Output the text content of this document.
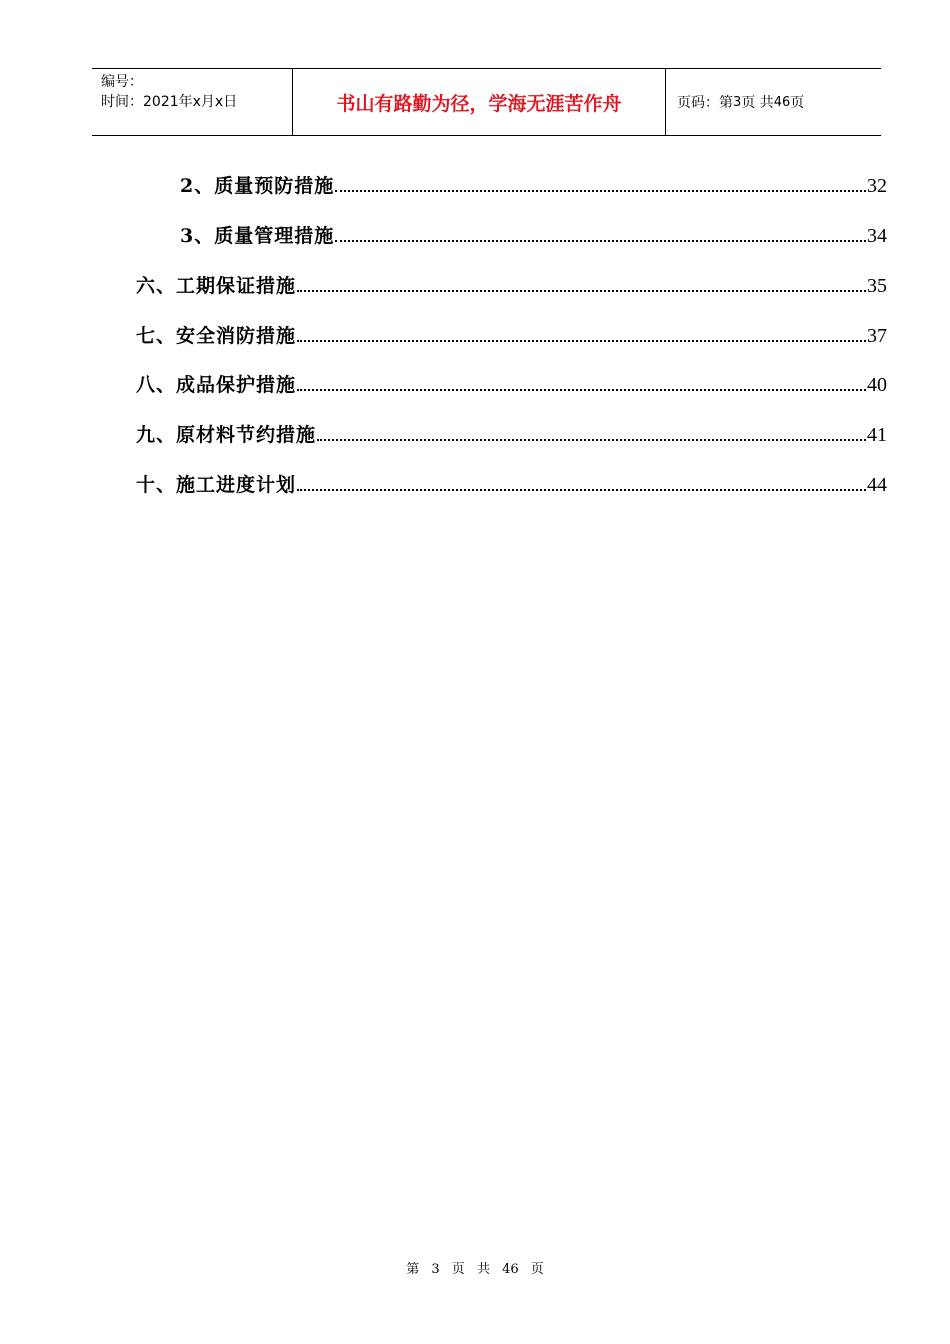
编号：
时间：2021年x月x日	书山有路勤为径，学海无涯苦作舟	页码：第 3 页 共 46 页
2、质量预防措施	32
3、质量管理措施	34
六、工期保证措施	35
七、安全消防措施	37
八、成品保护措施	40
九、原材料节约措施	41
十、施工进度计划	44
第 3 页 共 46 页
